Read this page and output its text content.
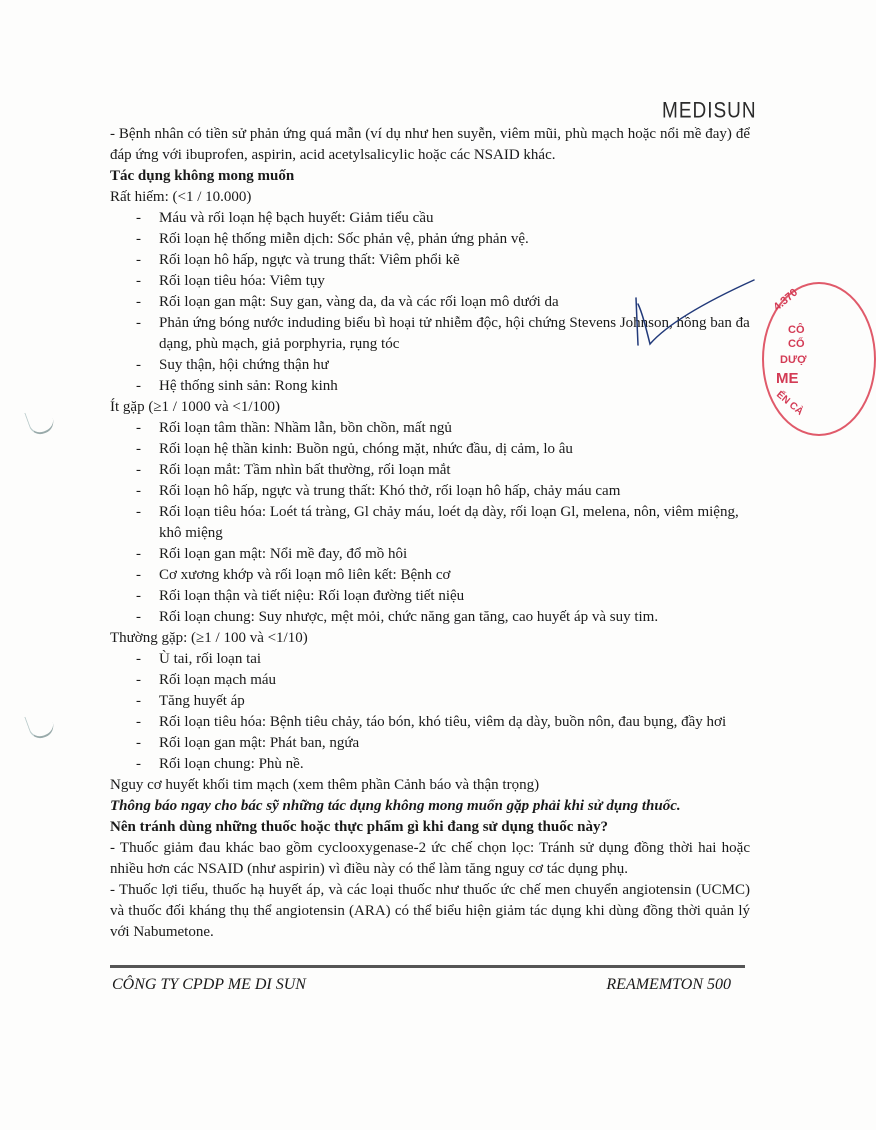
MEDISUN

- Bệnh nhân có tiền sử phản ứng quá mẫn (ví dụ như hen suyễn, viêm mũi, phù mạch hoặc nổi mề đay) để đáp ứng với ibuprofen, aspirin, acid acetylsalicylic hoặc các NSAID khác.

Tác dụng không mong muốn

Rất hiếm: (<1 / 10.000)

- Máu và rối loạn hệ bạch huyết: Giảm tiểu cầu
- Rối loạn hệ thống miễn dịch: Sốc phản vệ, phản ứng phản vệ.
- Rối loạn hô hấp, ngực và trung thất: Viêm phổi kẽ
- Rối loạn tiêu hóa: Viêm tụy
- Rối loạn gan mật: Suy gan, vàng da, da và các rối loạn mô dưới da
- Phản ứng bóng nước induding biểu bì hoại tử nhiễm độc, hội chứng Stevens Johnson, hồng ban đa dạng, phù mạch, giả porphyria, rụng tóc
- Suy thận, hội chứng thận hư
- Hệ thống sinh sản: Rong kinh

Ít gặp (≥1 / 1000 và <1/100)

- Rối loạn tâm thần: Nhầm lẫn, bồn chồn, mất ngủ
- Rối loạn hệ thần kinh: Buồn ngủ, chóng mặt, nhức đầu, dị cảm, lo âu
- Rối loạn mắt: Tầm nhìn bất thường, rối loạn mắt
- Rối loạn hô hấp, ngực và trung thất: Khó thở, rối loạn hô hấp, chảy máu cam
- Rối loạn tiêu hóa: Loét tá tràng, Gl chảy máu, loét dạ dày, rối loạn Gl, melena, nôn, viêm miệng, khô miệng
- Rối loạn gan mật: Nổi mề đay, đổ mồ hôi
- Cơ xương khớp và rối loạn mô liên kết: Bệnh cơ
- Rối loạn thận và tiết niệu: Rối loạn đường tiết niệu
- Rối loạn chung: Suy nhược, mệt mỏi, chức năng gan tăng, cao huyết áp và suy tim.

Thường gặp: (≥1 / 100 và <1/10)

- Ù tai, rối loạn tai
- Rối loạn mạch máu
- Tăng huyết áp
- Rối loạn tiêu hóa: Bệnh tiêu chảy, táo bón, khó tiêu, viêm dạ dày, buồn nôn, đau bụng, đầy hơi
- Rối loạn gan mật: Phát ban, ngứa
- Rối loạn chung: Phù nề.

Nguy cơ huyết khối tim mạch (xem thêm phần Cảnh báo và thận trọng)

Thông báo ngay cho bác sỹ những tác dụng không mong muốn gặp phải khi sử dụng thuốc.

Nên tránh dùng những thuốc hoặc thực phẩm gì khi đang sử dụng thuốc này?

- Thuốc giảm đau khác bao gồm cyclooxygenase-2 ức chế chọn lọc: Tránh sử dụng đồng thời hai hoặc nhiều hơn các NSAID (như aspirin) vì điều này có thể làm tăng nguy cơ tác dụng phụ.

- Thuốc lợi tiểu, thuốc hạ huyết áp, và các loại thuốc như thuốc ức chế men chuyển angiotensin (UCMC) và thuốc đối kháng thụ thể angiotensin (ARA) có thể biểu hiện giảm tác dụng khi dùng đồng thời quản lý với Nabumetone.

CÔNG TY CPDP ME DI SUN	REAMEMTON 500
4.370
CÔ
CỔ
DƯỢ
ME
ẾN CÀ
